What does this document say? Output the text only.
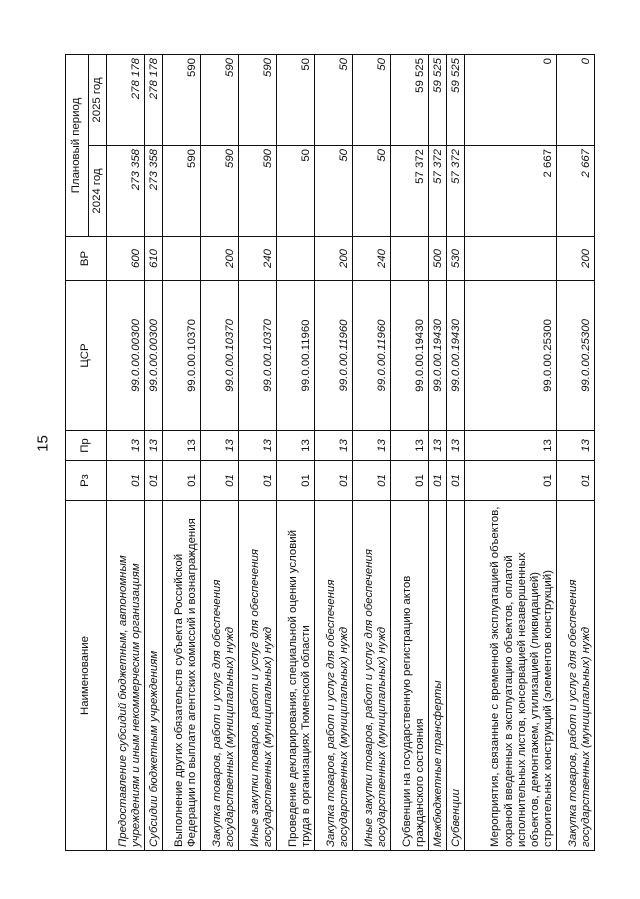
15
Наименование	Рз	Пр	ЦСР	ВР	Плановый период	
					2024 год	2025 год
Предоставление субсидий бюджетным, автономным учреждениям и иным некоммерческим организациям	01	13	99.0.00.00300	600	273 358	278 178
Субсидии бюджетным учреждениям	01	13	99.0.00.00300	610	273 358	278 178
Выполнение других обязательств субъекта Российской Федерации по выплате агентских комиссий и вознаграждения	01	13	99.0.00.10370		590	590
Закупка товаров, работ и услуг для обеспечения государственных (муниципальных) нужд	01	13	99.0.00.10370	200	590	590
Иные закупки товаров, работ и услуг для обеспечения государственных (муниципальных) нужд	01	13	99.0.00.10370	240	590	590
Проведение декларирования, специальной оценки условий труда в организациях Тюменской области	01	13	99.0.00.11960		50	50
Закупка товаров, работ и услуг для обеспечения государственных (муниципальных) нужд	01	13	99.0.00.11960	200	50	50
Иные закупки товаров, работ и услуг для обеспечения государственных (муниципальных) нужд	01	13	99.0.00.11960	240	50	50
Субвенции на государственную регистрацию актов гражданского состояния	01	13	99.0.00.19430		57 372	59 525
Межбюджетные трансферты	01	13	99.0.00.19430	500	57 372	59 525
Субвенции	01	13	99.0.00.19430	530	57 372	59 525
Мероприятия, связанные с временной эксплуатацией объектов, охраной введенных в эксплуатацию объектов, оплатой исполнительных листов, консервацией незавершенных объектов, демонтажем, утилизацией (ликвидацией) строительных конструкций (элементов конструкций)	01	13	99.0.00.25300		2 667	0
Закупка товаров, работ и услуг для обеспечения государственных (муниципальных) нужд	01	13	99.0.00.25300	200	2 667	0
